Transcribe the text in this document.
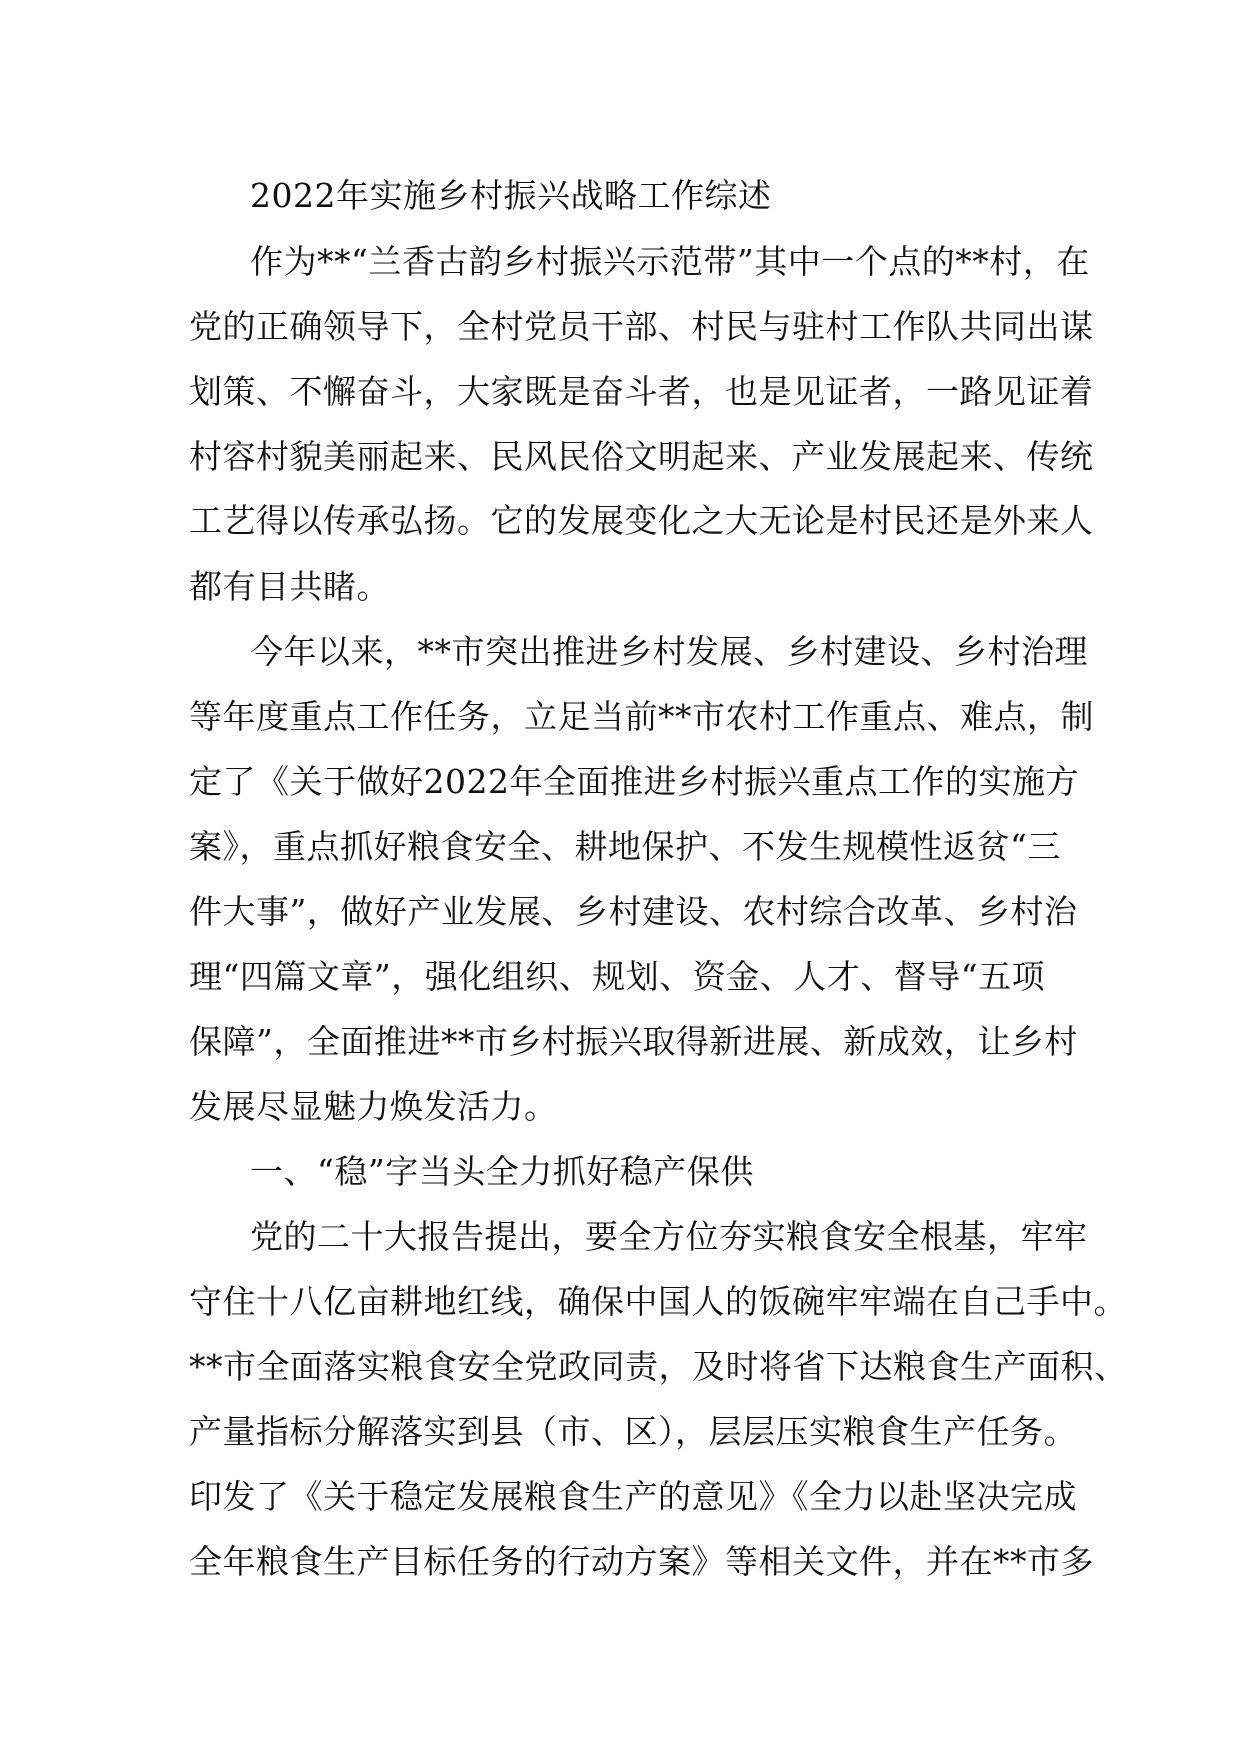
2022年实施乡村振兴战略工作综述
作为**“兰香古韵乡村振兴示范带”其中一个点的**村，在
党的正确领导下，全村党员干部、村民与驻村工作队共同出谋
划策、不懈奋斗，大家既是奋斗者，也是见证者，一路见证着
村容村貌美丽起来、民风民俗文明起来、产业发展起来、传统
工艺得以传承弘扬。它的发展变化之大无论是村民还是外来人
都有目共睹。
今年以来，**市突出推进乡村发展、乡村建设、乡村治理
等年度重点工作任务，立足当前**市农村工作重点、难点，制
定了《关于做好2022年全面推进乡村振兴重点工作的实施方
案》，重点抓好粮食安全、耕地保护、不发生规模性返贫“三
件大事”，做好产业发展、乡村建设、农村综合改革、乡村治
理“四篇文章”，强化组织、规划、资金、人才、督导“五项
保障”，全面推进**市乡村振兴取得新进展、新成效，让乡村
发展尽显魅力焕发活力。
一、“稳”字当头全力抓好稳产保供
党的二十大报告提出，要全方位夯实粮食安全根基，牢牢
守住十八亿亩耕地红线，确保中国人的饭碗牢牢端在自己手中。
**市全面落实粮食安全党政同责，及时将省下达粮食生产面积、
产量指标分解落实到县（市、区），层层压实粮食生产任务。
印发了《关于稳定发展粮食生产的意见》《全力以赴坚决完成
全年粮食生产目标任务的行动方案》等相关文件，并在**市多
